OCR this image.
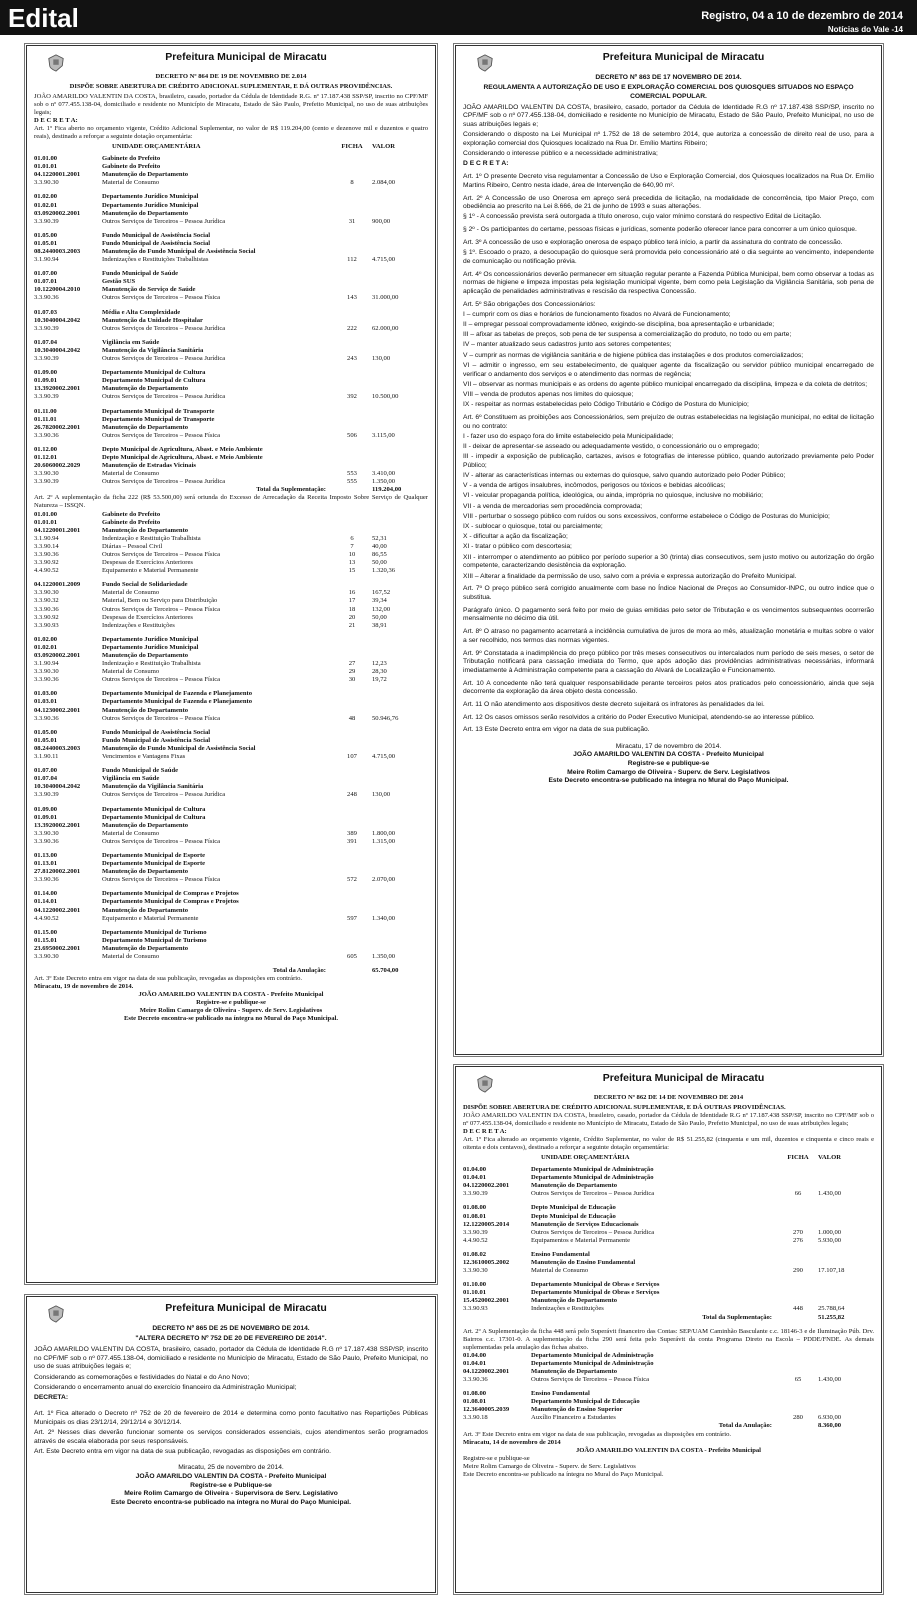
Edital	Registro, 04 a 10 de dezembro de 2014
Notícias do Vale -14
Prefeitura Municipal de Miracatu
DECRETO Nº 864 DE 19 DE NOVEMBRO DE 2.014
DISPÕE SOBRE ABERTURA DE CRÉDITO ADICIONAL SUPLEMENTAR, E DÁ OUTRAS PROVIDÊNCIAS.

JOÃO AMARILDO VALENTIN DA COSTA, brasileiro, casado, portador da Cédula de Identidade R.G. nº 17.187.438 SSP/SP, inscrito no CPF/MF sob o nº 077.455.138-04, domiciliado e residente no Município de Miracatu, Estado de São Paulo, Prefeito Municipal, no uso de suas atribuições legais;

D E C R E T A:

Art. 1º Fica aberto no orçamento vigente, Crédito Adicional Suplementar, no valor de R$ 119.204,00 (cento e dezenove mil e duzentos e quatro reais), destinado a reforçar a seguinte dotação orçamentária:

UNIDADE ORÇAMENTÁRIA	FICHA	VALOR
01.01.00	Gabinete do Prefeito
01.01.01	Gabinete do Prefeito
04.1220001.2001	Manutenção do Departamento
3.3.90.30	Material de Consumo	8	2.084,00
01.02.00	Departamento Jurídico Municipal
01.02.01	Departamento Jurídico Municipal
03.0920002.2001	Manutenção do Departamento
3.3.90.39	Outros Serviços de Terceiros – Pessoa Jurídica	31	900,00
01.05.00	Fundo Municipal de Assistência Social
01.05.01	Fundo Municipal de Assistência Social
08.2440003.2003	Manutenção do Fundo Municipal de Assistência Social
3.1.90.94	Indenizações e Restituições Trabalhistas	112	4.715,00
01.07.00	Fundo Municipal de Saúde
01.07.01	Gestão SUS
10.1220004.2010	Manutenção do Serviço de Saúde
3.3.90.36	Outros Serviços de Terceiros – Pessoa Física	143	31.000,00
01.07.03	Média e Alta Complexidade
10.3040004.2042	Manutenção da Unidade Hospitalar
3.3.90.39	Outros Serviços de Terceiros – Pessoa Jurídica	222	62.000,00
01.07.04	Vigilância em Saúde
10.3040004.2042	Manutenção da Vigilância Sanitária
3.3.90.39	Outros Serviços de Terceiros – Pessoa Jurídica	243	130,00
01.09.00	Departamento Municipal de Cultura
01.09.01	Departamento Municipal de Cultura
13.3920002.2001	Manutenção do Departamento
3.3.90.39	Outros Serviços de Terceiros – Pessoa Jurídica	392	10.500,00
01.11.00	Departamento Municipal de Transporte
01.11.01	Departamento Municipal de Transporte
26.7820002.2001	Manutenção do Departamento
3.3.90.36	Outros Serviços de Terceiros – Pessoa Física	506	3.115,00
01.12.00	Depto Municipal de Agricultura, Abast. e Meio Ambiente
01.12.01	Depto Municipal de Agricultura, Abast. e Meio Ambiente
20.6060002.2029	Manutenção de Estradas Vicinais
3.3.90.30	Material de Consumo	553	3.410,00
3.3.90.39	Outros Serviços de Terceiros – Pessoa Jurídica	555	1.350,00
Total da Suplementação:	119.204,00

Art. 2º A suplementação da ficha 222 (R$ 53.500,00) será oriunda do Excesso de Arrecadação da Receita Imposto Sobre Serviço de Qualquer Natureza – ISSQN.

01.01.00	Gabinete do Prefeito
01.01.01	Gabinete do Prefeito
04.1220001.2001	Manutenção do Departamento
3.1.90.94	Indenização e Restituição Trabalhista	6	52,31
3.3.90.14	Diárias – Pessoal Civil	7	40,00
3.3.90.36	Outros Serviços de Terceiros – Pessoa Física	10	86,55
3.3.90.92	Despesas de Exercícios Anteriores	13	50,00
4.4.90.52	Equipamento e Material Permanente	15	1.320,36
04.1220001.2009	Fundo Social de Solidariedade
3.3.90.30	Material de Consumo	16	167,52
3.3.90.32	Material, Bem ou Serviço para Distribuição	17	39,34
3.3.90.36	Outros Serviços de Terceiros – Pessoa Física	18	132,00
3.3.90.92	Despesas de Exercícios Anteriores	20	50,00
3.3.90.93	Indenizações e Restituições	21	38,91
01.02.00	Departamento Jurídico Municipal
01.02.01	Departamento Jurídico Municipal
03.0920002.2001	Manutenção do Departamento
3.1.90.94	Indenização e Restituição Trabalhista	27	12,23
3.3.90.30	Material de Consumo	29	28,30
3.3.90.36	Outros Serviços de Terceiros – Pessoa Física	30	19,72
01.03.00	Departamento Municipal de Fazenda e Planejamento
01.03.01	Departamento Municipal de Fazenda e Planejamento
04.1230002.2001	Manutenção do Departamento
3.3.90.36	Outros Serviços de Terceiros – Pessoa Física	48	50.946,76
01.05.00	Fundo Municipal de Assistência Social
01.05.01	Fundo Municipal de Assistência Social
08.2440003.2003	Manutenção do Fundo Municipal de Assistência Social
3.1.90.11	Vencimentos e Vantagens Fixas	107	4.715,00
01.07.00	Fundo Municipal de Saúde
01.07.04	Vigilância em Saúde
10.3040004.2042	Manutenção da Vigilância Sanitária
3.3.90.39	Outros Serviços de Terceiros – Pessoa Jurídica	248	130,00
01.09.00	Departamento Municipal de Cultura
01.09.01	Departamento Municipal de Cultura
13.3920002.2001	Manutenção do Departamento
3.3.90.30	Material de Consumo	389	1.800,00
3.3.90.36	Outros Serviços de Terceiros – Pessoa Física	391	1.315,00
01.13.00	Departamento Municipal de Esporte
01.13.01	Departamento Municipal de Esporte
27.8120002.2001	Manutenção do Departamento
3.3.90.36	Outros Serviços de Terceiros – Pessoa Física	572	2.070,00
01.14.00	Departamento Municipal de Compras e Projetos
01.14.01	Departamento Municipal de Compras e Projetos
04.1220002.2001	Manutenção do Departamento
4.4.90.52	Equipamento e Material Permanente	597	1.340,00
01.15.00	Departamento Municipal de Turismo
01.15.01	Departamento Municipal de Turismo
23.6950002.2001	Manutenção do Departamento
3.3.90.30	Material de Consumo	605	1.350,00
Total da Anulação:	65.704,00

Art. 3º Este Decreto entra em vigor na data de sua publicação, revogadas as disposições em contrário.

Miracatu, 19 de novembro de 2014.
JOÃO AMARILDO VALENTIN DA COSTA - Prefeito Municipal
Registre-se e publique-se
Meire Rolim Camargo de Oliveira - Superv. de Serv. Legislativos
Este Decreto encontra-se publicado na íntegra no Mural do Paço Municipal.
Prefeitura Municipal de Miracatu
DECRETO Nº 865 DE 25 DE NOVEMBRO DE 2014.
"ALTERA DECRETO Nº 752 DE 20 DE FEVEREIRO DE 2014".

JOÃO AMARILDO VALENTIN DA COSTA, brasileiro, casado, portador da Cédula de Identidade R.G nº 17.187.438 SSP/SP, inscrito no CPF/MF sob o nº 077.455.138-04, domiciliado e residente no Município de Miracatu, Estado de São Paulo, Prefeito Municipal, no uso de suas atribuições legais e;

Considerando as comemorações e festividades do Natal e do Ano Novo;

Considerando o encerramento anual do exercício financeiro da Administração Municipal;

DECRETA:

Art. 1º Fica alterado o Decreto nº 752 de 20 de fevereiro de 2014 e determina como ponto facultativo nas Repartições Públicas Municipais os dias 23/12/14, 29/12/14 e 30/12/14.

Art. 2º Nesses dias deverão funcionar somente os serviços considerados essenciais, cujos atendimentos serão programados através de escala elaborada por seus responsáveis.

Art. Este Decreto entra em vigor na data de sua publicação, revogadas as disposições em contrário.

Miracatu, 25 de novembro de 2014.
JOÃO AMARILDO VALENTIN DA COSTA - Prefeito Municipal
Registre-se e Publique-se
Meire Rolim Camargo de Oliveira - Supervisora de Serv. Legislativo
Este Decreto encontra-se publicado na íntegra no Mural do Paço Municipal.
Prefeitura Municipal de Miracatu
DECRETO Nº 863 DE 17 NOVEMBRO DE 2014.
REGULAMENTA A AUTORIZAÇÃO DE USO E EXPLORAÇÃO COMERCIAL DOS QUIOSQUES SITUADOS NO ESPAÇO COMERCIAL POPULAR.

JOÃO AMARILDO VALENTIN DA COSTA, brasileiro, casado, portador da Cédula de Identidade R.G nº 17.187.438 SSP/SP, inscrito no CPF/MF sob o nº 077.455.138-04, domiciliado e residente no Município de Miracatu, Estado de São Paulo, Prefeito Municipal, no uso de suas atribuições legais e;

Considerando o disposto na Lei Municipal nº 1.752 de 18 de setembro 2014, que autoriza a concessão de direito real de uso, para a exploração comercial dos Quiosques localizado na Rua Dr. Emílio Martins Ribeiro;

Considerando o interesse público e a necessidade administrativa;

D E C R E T A:

Art. 1º O presente Decreto visa regulamentar a Concessão de Uso e Exploração Comercial, dos Quiosques localizados na Rua Dr. Emílio Martins Ribeiro, Centro nesta idade, área de Intervenção de 640,90 m².

Art. 2º A Concessão de uso Onerosa em apreço será precedida de licitação, na modalidade de concorrência, tipo Maior Preço, com obediência ao prescrito na Lei 8.666, de 21 de junho de 1993 e suas alterações.

§ 1º - A concessão prevista será outorgada a título oneroso, cujo valor mínimo constará do respectivo Edital de Licitação.

§ 2º - Os participantes do certame, pessoas físicas e jurídicas, somente poderão oferecer lance para concorrer a um único quiosque.

Art. 3º A concessão de uso e exploração onerosa de espaço público terá início, a partir da assinatura do contrato de concessão.

§ 1º. Escoado o prazo, a desocupação do quiosque será promovida pelo concessionário até o dia seguinte ao vencimento, independente de comunicação ou notificação prévia.

Art. 4º Os concessionários deverão permanecer em situação regular perante a Fazenda Pública Municipal, bem como observar a todas as normas de higiene e limpeza impostas pela legislação municipal vigente, bem como pela Legislação da Vigilância Sanitária, sob pena de aplicação de penalidades administrativas e rescisão da respectiva Concessão.

Art. 5º São obrigações dos Concessionários:

I – cumprir com os dias e horários de funcionamento fixados no Alvará de Funcionamento;

II – empregar pessoal comprovadamente idôneo, exigindo-se disciplina, boa apresentação e urbanidade;

III – afixar as tabelas de preços, sob pena de ter suspensa a comercialização do produto, no todo ou em parte;

IV – manter atualizado seus cadastros junto aos setores competentes;

V – cumprir as normas de vigilância sanitária e de higiene pública das instalações e dos produtos comercializados;

VI – admitir o ingresso, em seu estabelecimento, de qualquer agente da fiscalização ou servidor público municipal encarregado de verificar o andamento dos serviços e o atendimento das normas de regência;

VII – observar as normas municipais e as ordens do agente público municipal encarregado da disciplina, limpeza e da coleta de detritos;

VIII – venda de produtos apenas nos limites do quiosque;

IX - respeitar as normas estabelecidas pelo Código Tributário e Código de Postura do Município;

Art. 6º Constituem as proibições aos Concessionários, sem prejuízo de outras estabelecidas na legislação municipal, no edital de licitação ou no contrato:

I - fazer uso do espaço fora do limite estabelecido pela Municipalidade;

II - deixar de apresentar-se asseado ou adequadamente vestido, o concessionário ou o empregado;

III - impedir a exposição de publicação, cartazes, avisos e fotografias de interesse público, quando autorizado previamente pelo Poder Público;

IV - alterar as características internas ou externas do quiosque, salvo quando autorizado pelo Poder Público;

V - a venda de artigos insalubres, incômodos, perigosos ou tóxicos e bebidas alcoólicas;

VI - veicular propaganda política, ideológica, ou ainda, imprópria no quiosque, inclusive no mobiliário;

VII - a venda de mercadorias sem procedência comprovada;

VIII - perturbar o sossego público com ruídos ou sons excessivos, conforme estabelece o Código de Posturas do Município;

IX - sublocar o quiosque, total ou parcialmente;

X - dificultar a ação da fiscalização;

XI - tratar o público com descortesia;

XII - interromper o atendimento ao público por período superior a 30 (trinta) dias consecutivos, sem justo motivo ou autorização do órgão competente, caracterizando desistência da exploração.

XIII – Alterar a finalidade da permissão de uso, salvo com a prévia e expressa autorização do Prefeito Municipal.

Art. 7º O preço público será corrigido anualmente com base no Índice Nacional de Preços ao Consumidor-INPC, ou outro índice que o substitua.

Parágrafo único. O pagamento será feito por meio de guias emitidas pelo setor de Tributação e os vencimentos subsequentes ocorrerão mensalmente no décimo dia útil.

Art. 8º O atraso no pagamento acarretará a incidência cumulativa de juros de mora ao mês, atualização monetária e multas sobre o valor a ser recolhido, nos termos das normas vigentes.

Art. 9º Constatada a inadimplência do preço público por três meses consecutivos ou intercalados num período de seis meses, o setor de Tributação notificará para cassação imediata do Termo, que após adoção das providências administrativas necessárias, informará imediatamente à Administração competente para a cassação do Alvará de Localização e Funcionamento.

Art. 10 A concedente não terá qualquer responsabilidade perante terceiros pelos atos praticados pelo concessionário, ainda que seja decorrente da exploração da área objeto desta concessão.

Art. 11 O não atendimento aos dispositivos deste decreto sujeitará os infratores às penalidades da lei.

Art. 12 Os casos omissos serão resolvidos a critério do Poder Executivo Municipal, atendendo-se ao interesse público.

Art. 13 Este Decreto entra em vigor na data de sua publicação.

Miracatu, 17 de novembro de 2014.
JOÃO AMARILDO VALENTIN DA COSTA - Prefeito Municipal
Registre-se e publique-se
Meire Rolim Camargo de Oliveira - Superv. de Serv. Legislativos
Este Decreto encontra-se publicado na íntegra no Mural do Paço Municipal.
Prefeitura Municipal de Miracatu
DECRETO Nº 862 DE 14 DE NOVEMBRO DE 2014
DISPÕE SOBRE ABERTURA DE CRÉDITO ADICIONAL SUPLEMENTAR, E DÁ OUTRAS PROVIDÊNCIAS.

JOÃO AMARILDO VALENTIN DA COSTA, brasileiro, casado, portador da Cédula de Identidade R.G nº 17.187.438 SSP/SP, inscrito no CPF/MF sob o nº 077.455.138-04, domiciliado e residente no Município de Miracatu, Estado de São Paulo, Prefeito Municipal, no uso de suas atribuições legais;

D E C R E T A:

Art. 1º Fica alterado ao orçamento vigente, Crédito Suplementar, no valor de R$ 51.255,82 (cinquenta e um mil, duzentos e cinquenta e cinco reais e oitenta e dois centavos), destinado a reforçar a seguinte dotação orçamentária:

UNIDADE ORÇAMENTÁRIA	FICHA	VALOR
01.04.00	Departamento Municipal de Administração
01.04.01	Departamento Municipal de Administração
04.1220002.2001	Manutenção do Departamento
3.3.90.39	Outros Serviços de Terceiros – Pessoa Jurídica	66	1.430,00
01.08.00	Depto Municipal de Educação
01.08.01	Depto Municipal de Educação
12.1220005.2014	Manutenção de Serviços Educacionais
3.3.90.39	Outros Serviços de Terceiros – Pessoa Jurídica	270	1.000,00
4.4.90.52	Equipamentos e Material Permanente	276	5.930,00
01.08.02	Ensino Fundamental
12.3610005.2002	Manutenção do Ensino Fundamental
3.3.90.30	Material de Consumo	290	17.107,18
01.10.00	Departamento Municipal de Obras e Serviços
01.10.01	Departamento Municipal de Obras e Serviços
15.4520002.2001	Manutenção do Departamento
3.3.90.93	Indenizações e Restituições	448	25.788,64
Total da Suplementação:	51.255,82

Art. 2º A Suplementação da ficha 448 será pelo Superávit financeiro das Contas: SEP/UAM Caminhão Basculante c.c. 18146-3 e de Iluminação Púb. Drv. Bairros c.c. 17301-0. A suplementação da ficha 290 será feita pelo Superávit da conta Programa Direto na Escola – PDDE/FNDE. As demais suplementadas pela anulação das fichas abaixo.

01.04.00	Departamento Municipal de Administração
01.04.01	Departamento Municipal de Administração
04.1220002.2001	Manutenção do Departamento
3.3.90.36	Outros Serviços de Terceiros – Pessoa Física	65	1.430,00
01.08.00	Ensino Fundamental
01.08.01	Departamento Municipal de Educação
12.3640005.2039	Manutenção do Ensino Superior
3.3.90.18	Auxílio Financeiro a Estudantes	280	6.930,00
Total da Anulação:	8.360,00

Art. 3º Este Decreto entra em vigor na data de sua publicação, revogadas as disposições em contrário.

Miracatu, 14 de novembro de 2014
JOÃO AMARILDO VALENTIN DA COSTA - Prefeito Municipal
Registre-se e publique-se
Meire Rolim Camargo de Oliveira - Superv. de Serv. Legislativos
Este Decreto encontra-se publicado na íntegra no Mural do Paço Municipal.
